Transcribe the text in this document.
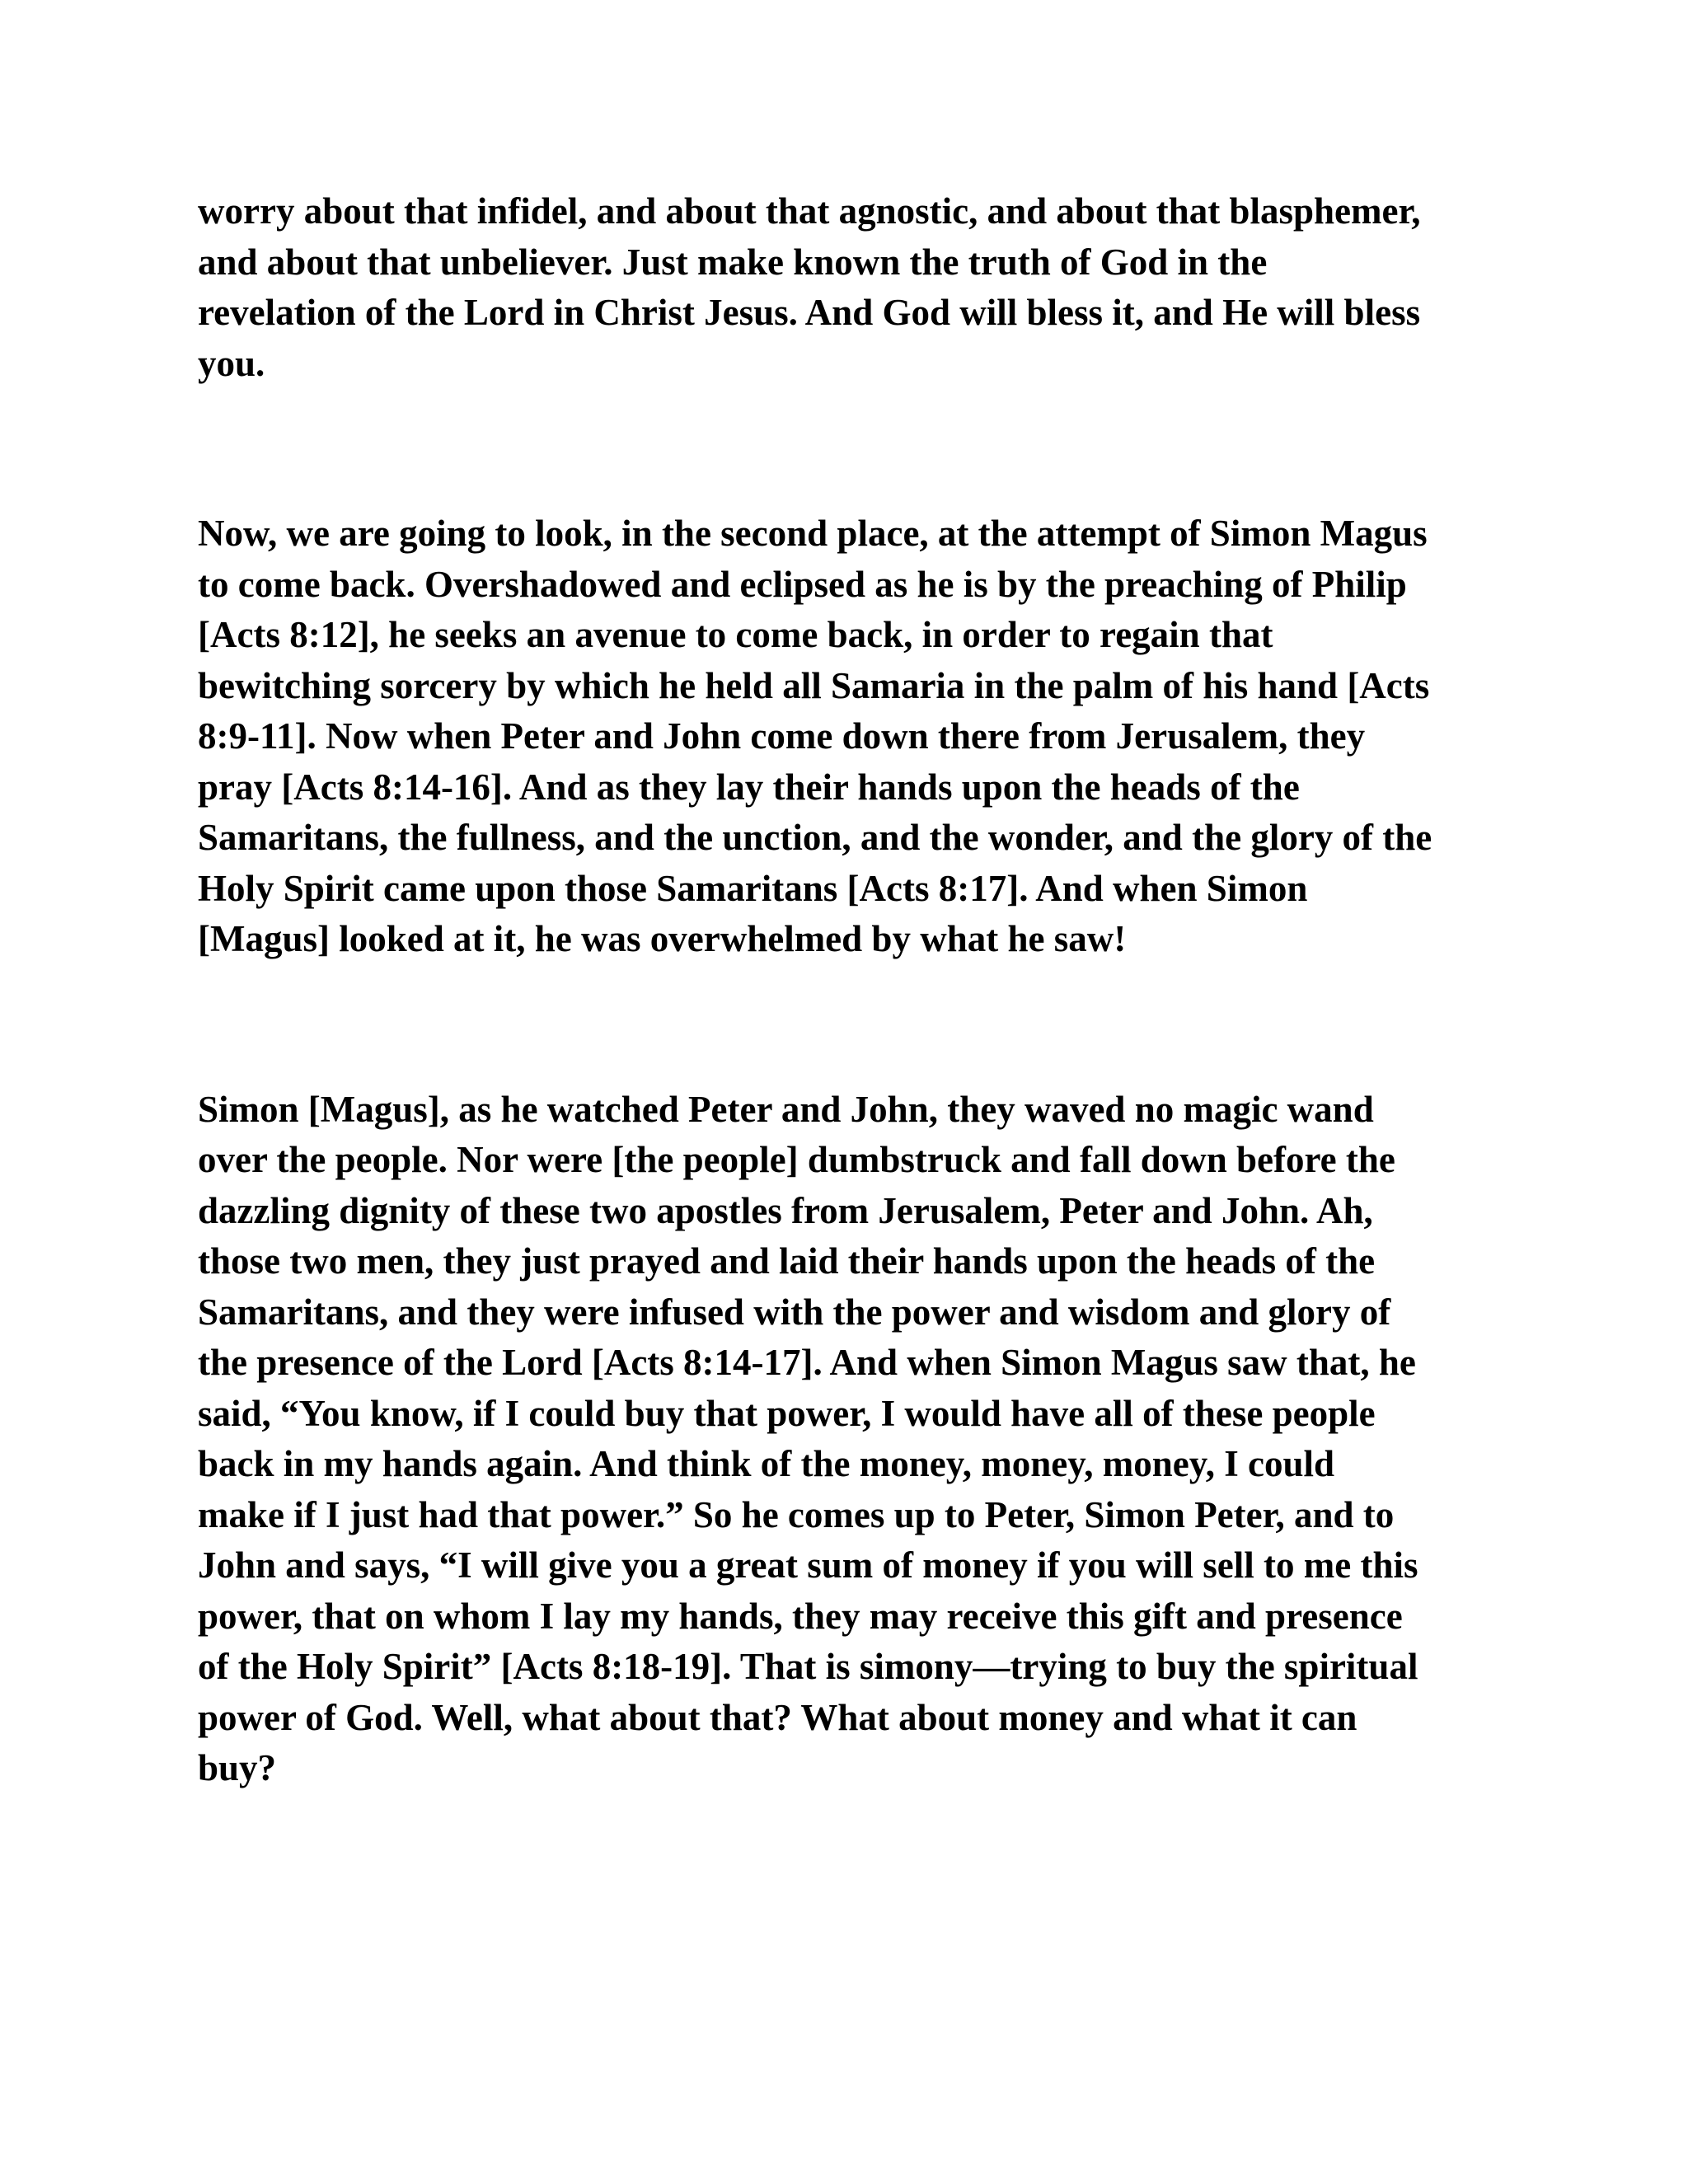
worry about that infidel, and about that agnostic, and about that blasphemer,
and about that unbeliever. Just make known the truth of God in the
revelation of the Lord in Christ Jesus. And God will bless it, and He will bless
you.

Now, we are going to look, in the second place, at the attempt of Simon Magus
to come back. Overshadowed and eclipsed as he is by the preaching of Philip
[Acts 8:12], he seeks an avenue to come back, in order to regain that
bewitching sorcery by which he held all Samaria in the palm of his hand [Acts
8:9-11]. Now when Peter and John come down there from Jerusalem, they
pray [Acts 8:14-16]. And as they lay their hands upon the heads of the
Samaritans, the fullness, and the unction, and the wonder, and the glory of the
Holy Spirit came upon those Samaritans [Acts 8:17]. And when Simon
[Magus] looked at it, he was overwhelmed by what he saw!

Simon [Magus], as he watched Peter and John, they waved no magic wand
over the people. Nor were [the people] dumbstruck and fall down before the
dazzling dignity of these two apostles from Jerusalem, Peter and John. Ah,
those two men, they just prayed and laid their hands upon the heads of the
Samaritans, and they were infused with the power and wisdom and glory of
the presence of the Lord [Acts 8:14-17]. And when Simon Magus saw that, he
said, “You know, if I could buy that power, I would have all of these people
back in my hands again. And think of the money, money, money, I could
make if I just had that power.” So he comes up to Peter, Simon Peter, and to
John and says, “I will give you a great sum of money if you will sell to me this
power, that on whom I lay my hands, they may receive this gift and presence
of the Holy Spirit” [Acts 8:18-19]. That is simony—trying to buy the spiritual
power of God. Well, what about that? What about money and what it can
buy?
